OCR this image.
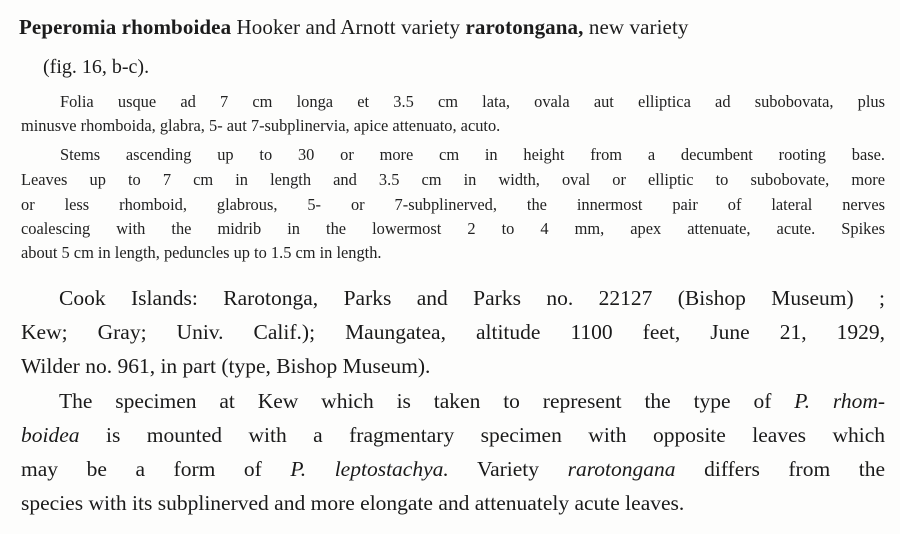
Peperomia rhomboidea Hooker and Arnott variety rarotongana, new variety

(fig. 16, b-c).

Folia usque ad 7 cm longa et 3.5 cm lata, ovala aut elliptica ad subobovata, plus

minusve rhomboida, glabra, 5- aut 7-subplinervia, apice attenuato, acuto.

Stems ascending up to 30 or more cm in height from a decumbent rooting base.

Leaves up to 7 cm in length and 3.5 cm in width, oval or elliptic to subobovate, more

or less rhomboid, glabrous, 5- or 7-subplinerved, the innermost pair of lateral nerves

coalescing with the midrib in the lowermost 2 to 4 mm, apex attenuate, acute. Spikes

about 5 cm in length, peduncles up to 1.5 cm in length.

Cook Islands: Rarotonga, Parks and Parks no. 22127 (Bishop Museum) ;

Kew; Gray; Univ. Calif.); Maungatea, altitude 1100 feet, June 21, 1929,

Wilder no. 961, in part (type, Bishop Museum).

The specimen at Kew which is taken to represent the type of P. rhom-

boidea is mounted with a fragmentary specimen with opposite leaves which

may be a form of P. leptostachya. Variety rarotongana differs from the

species with its subplinerved and more elongate and attenuately acute leaves.
